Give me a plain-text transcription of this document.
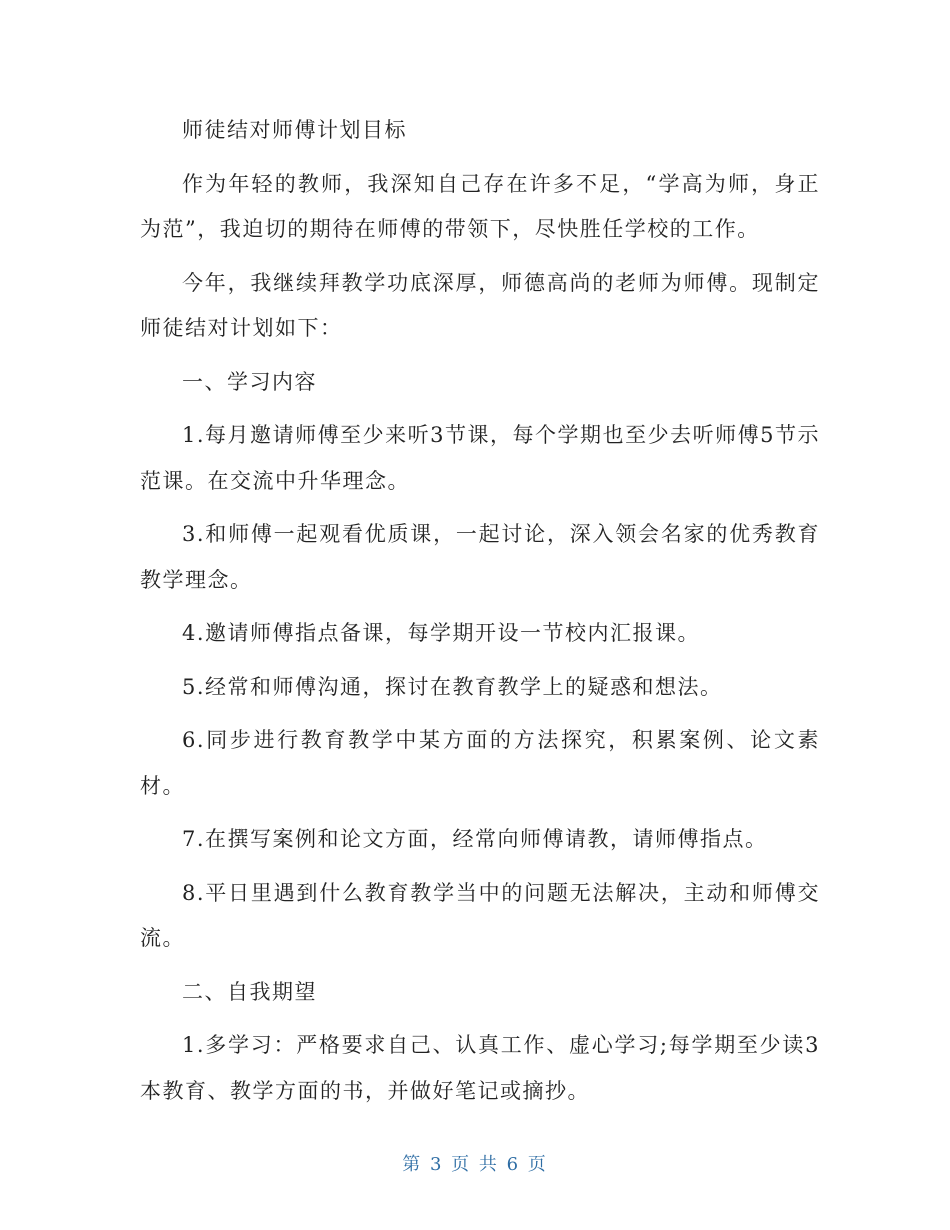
师徒结对师傅计划目标

作为年轻的教师，我深知自己存在许多不足，“学高为师，身正为范”，我迫切的期待在师傅的带领下，尽快胜任学校的工作。

今年，我继续拜教学功底深厚，师德高尚的老师为师傅。现制定师徒结对计划如下：

一、学习内容

1.每月邀请师傅至少来听3节课，每个学期也至少去听师傅5节示范课。在交流中升华理念。

3.和师傅一起观看优质课，一起讨论，深入领会名家的优秀教育教学理念。

4.邀请师傅指点备课，每学期开设一节校内汇报课。

5.经常和师傅沟通，探讨在教育教学上的疑惑和想法。

6.同步进行教育教学中某方面的方法探究，积累案例、论文素材。

7.在撰写案例和论文方面，经常向师傅请教，请师傅指点。

8.平日里遇到什么教育教学当中的问题无法解决，主动和师傅交流。

二、自我期望

1.多学习：严格要求自己、认真工作、虚心学习;每学期至少读3本教育、教学方面的书，并做好笔记或摘抄。

第 3 页 共 6 页
